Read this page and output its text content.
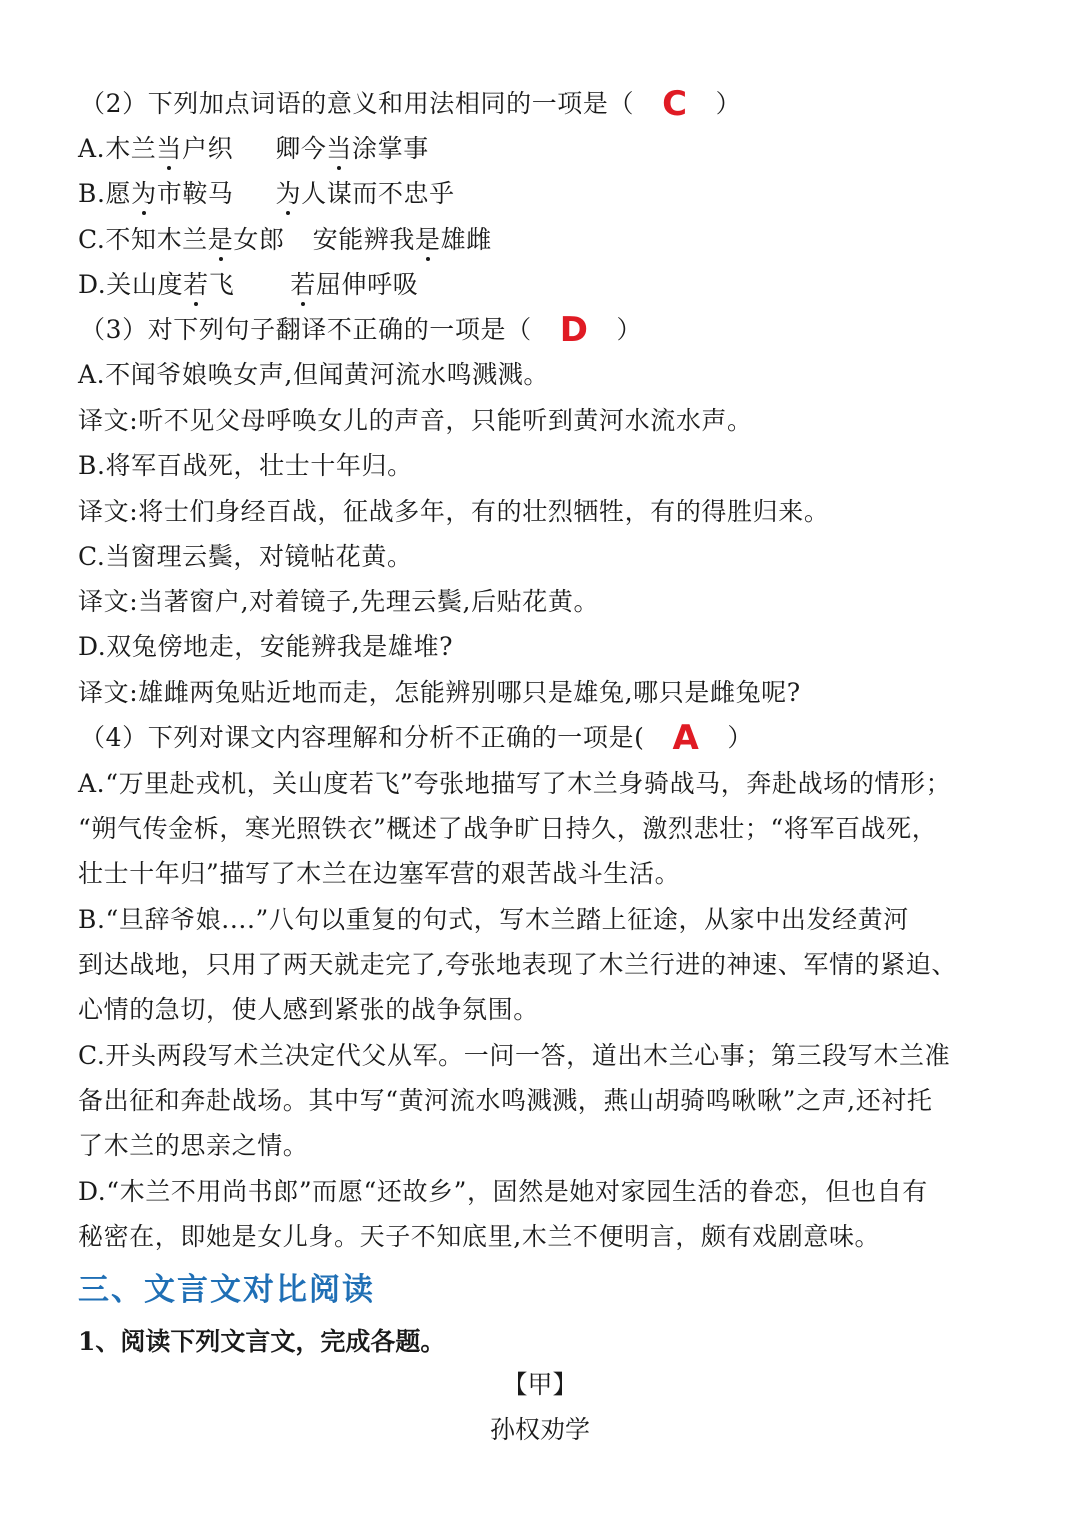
（2）下列加点词语的意义和用法相同的一项是（ C ）
A.木兰当户织 卿今当涂掌事
B.愿为市鞍马 为人谋而不忠乎
C.不知木兰是女郎 安能辨我是雄雌
D.关山度若飞 若屈伸呼吸
（3）对下列句子翻译不正确的一项是（ D ）
A.不闻爷娘唤女声,但闻黄河流水鸣溅溅。
译文:听不见父母呼唤女儿的声音，只能听到黄河水流水声。
B.将军百战死，壮士十年归。
译文:将士们身经百战，征战多年，有的壮烈牺牲，有的得胜归来。
C.当窗理云鬓，对镜帖花黄。
译文:当著窗户,对着镜子,先理云鬓,后贴花黄。
D.双兔傍地走，安能辨我是雄堆?
译文:雄雌两兔贴近地而走，怎能辨别哪只是雄兔,哪只是雌兔呢?
（4）下列对课文内容理解和分析不正确的一项是( A ）
A.“万里赴戎机，关山度若飞”夸张地描写了木兰身骑战马，奔赴战场的情形；
“朔气传金柝，寒光照铁衣”概述了战争旷日持久，激烈悲壮；“将军百战死，
壮士十年归”描写了木兰在边塞军营的艰苦战斗生活。
B.“旦辞爷娘....”八句以重复的句式，写木兰踏上征途，从家中出发经黄河
到达战地，只用了两天就走完了,夸张地表现了木兰行进的神速、军情的紧迫、
心情的急切，使人感到紧张的战争氛围。
C.开头两段写术兰决定代父从军。一问一答，道出木兰心事；第三段写木兰准
备出征和奔赴战场。其中写“黄河流水鸣溅溅，燕山胡骑鸣啾啾”之声,还衬托
了木兰的思亲之情。
D.“木兰不用尚书郎”而愿“还故乡”，固然是她对家园生活的眷恋，但也自有
秘密在，即她是女儿身。天子不知底里,木兰不便明言，颇有戏剧意味。
三、文言文对比阅读
1、阅读下列文言文，完成各题。
【甲】
孙权劝学
